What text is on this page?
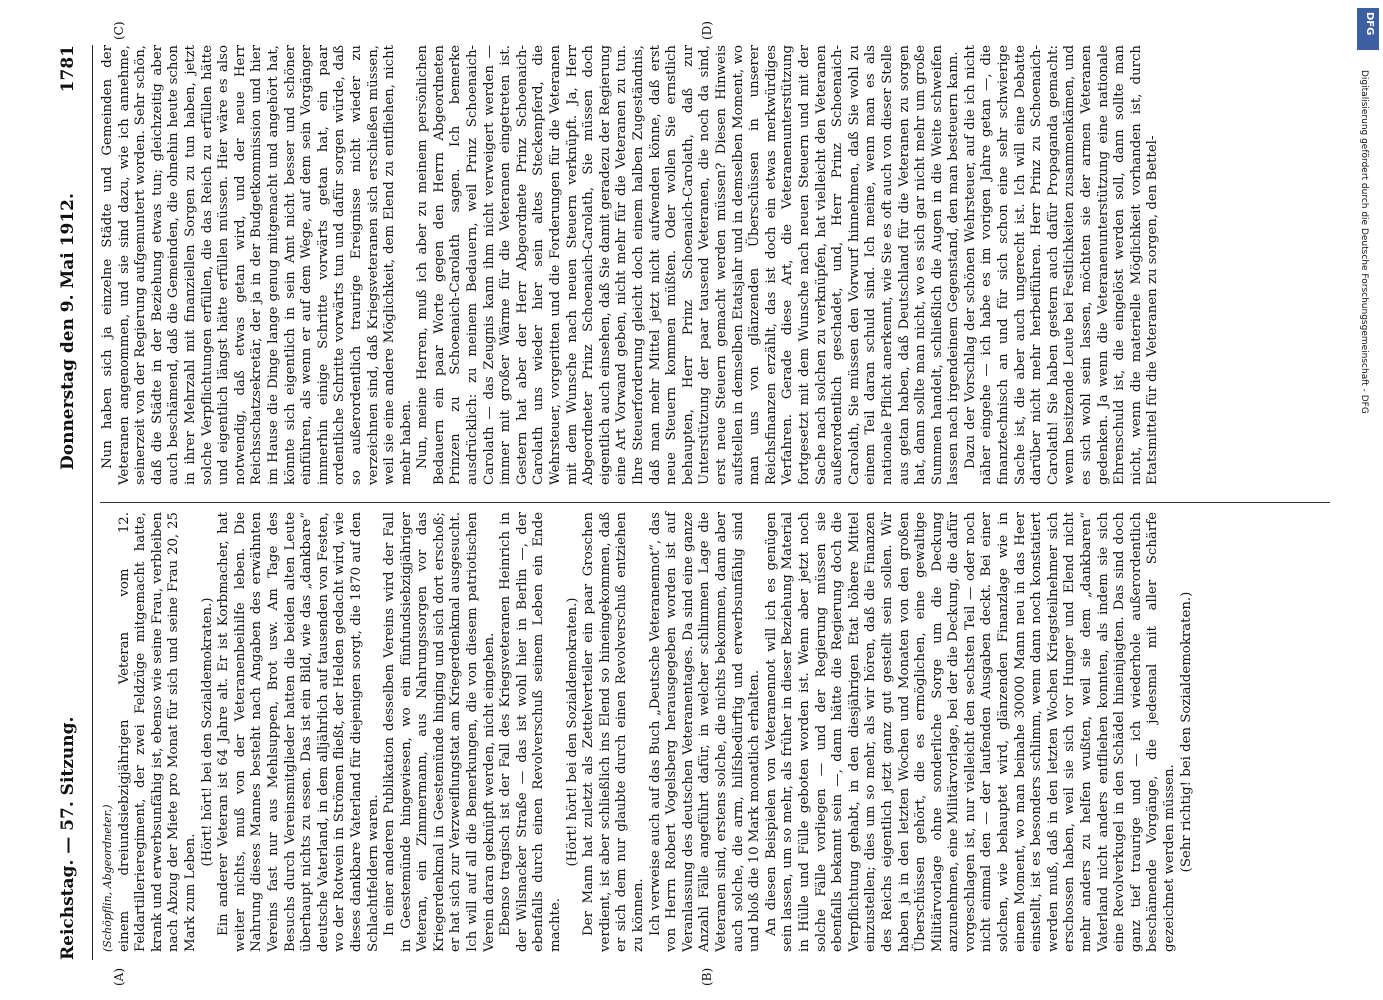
Reichstag. — 57. Sitzung.
Donnerstag den 9. Mai 1912.
1781
(A)	(B)
(C)	(D)

(Schöpflin, Abgeordneter.) einem dreiundsiebzigjährigen Veteran vom 12. Feldartillerieregiment, der zwei Feldzüge mitgemacht hatte, krank und erwerbsunfähig ist, ebenso wie seine Frau, verbleiben nach Abzug der Miete pro Monat für sich und seine Frau 20, 25 Mark zum Leben.

(Hört! hört! bei den Sozialdemokraten.) Ein anderer Veteran ist 64 Jahre alt. Er ist Korbmacher, hat weiter nichts, muß von der Veteranenbeihilfe leben. Die Nahrung dieses Mannes besteht nach Angaben des erwähnten Vereins fast nur aus Mehlsuppen, Brot usw. Am Tage des Besuchs durch Vereinsmitglieder hatten die beiden alten Leute überhaupt nichts zu essen. Das ist ein Bild, wie das „dankbare“ deutsche Vaterland, in dem alljährlich auf tausenden von Festen, wo der Rotwein in Strömen fließt, der Helden gedacht wird, wie dieses dankbare Vaterland für diejenigen sorgt, die 1870 auf den Schlachtfeldern waren. In einer anderen Publikation desselben Vereins wird der Fall in Geestemünde hingewiesen, wo ein fünfundsiebzigjähriger Veteran, ein Zimmermann, aus Nahrungssorgen vor das Kriegerdenkmal in Geestemünde hinging und sich dort erschoß; er hat sich zur Verzweiflungstat am Kriegerdenkmal ausgesucht. Ich will auf all die Bemerkungen, die von diesem patriotischen Verein daran geknüpft werden, nicht eingehen. Ebenso tragisch ist der Fall des Kriegsveteranen Heinrich in der Wilsnacker Straße — das ist wohl hier in Berlin —, der ebenfalls durch einen Revolverschuß seinem Leben ein Ende machte.

(Hört! hört! bei den Sozialdemokraten.) Der Mann hat zuletzt als Zettelverteiler ein paar Groschen verdient, ist aber schließlich ins Elend so hineingekommen, daß er sich dem nur glaubte durch einen Revolverschuß entziehen zu können. Ich verweise auch auf das Buch „Deutsche Veteranennot“, das von Herrn Robert Vogelsberg herausgegeben worden ist auf Veranlassung des deutschen Veteranentages. Da sind eine ganze Anzahl Fälle angeführt dafür, in welcher schlimmen Lage die Veteranen sind, erstens solche, die nichts bekommen, dann aber auch solche, die arm, hilfsbedürftig und erwerbsunfähig sind und bloß die 10 Mark monatlich erhalten. An diesen Beispielen von Veteranennot will ich es genügen sein lassen, um so mehr, als früher in dieser Beziehung Material in Hülle und Fülle geboten worden ist. Wenn aber jetzt noch solche Fälle vorliegen — und der Regierung müssen sie ebenfalls bekannt sein —, dann hätte die Regierung doch die Verpflichtung gehabt, in den diesjährigen Etat höhere Mittel einzustellen; dies um so mehr, als wir hören, daß die Finanzen des Reichs eigentlich jetzt ganz gut gestellt sein sollen. Wir haben ja in den letzten Wochen und Monaten von den großen Überschüssen gehört, die es ermöglichen, eine gewaltige Militärvorlage ohne sonderliche Sorge um die Deckung anzunehmen, eine Militärvorlage, bei der die Deckung, die dafür vorgeschlagen ist, nur vielleicht den sechsten Teil — oder noch nicht einmal den — der laufenden Ausgaben deckt. Bei einer solchen, wie behauptet wird, glänzenden Finanzlage wie in einem Moment, wo man beinahe 30000 Mann neu in das Heer einstellt, ist es besonders schlimm, wenn dann noch konstatiert werden muß, daß in den letzten Wochen Kriegsteilnehmer sich erschossen haben, weil sie sich vor Hunger und Elend nicht mehr anders zu helfen wußten, weil sie dem „dankbaren“ Vaterland nicht anders entfliehen konnten, als indem sie sich eine Revolverkugel in den Schädel hineinjagten. Das sind doch ganz tief traurige und — ich wiederhole außerordentlich beschämende Vorgänge, die jedesmal mit aller Schärfe gezeichnet werden müssen. (Sehr richtig! bei den Sozialdemokraten.)

Nun haben sich ja einzelne Städte und Gemeinden der Veteranen angenommen, und sie sind dazu, wie ich annehme, seinerzeit von der Regierung aufgemuntert worden. Sehr schön, daß die Städte in der Beziehung etwas tun; gleichzeitig aber auch beschämend, daß die Gemeinden, die ohnehin heute schon in ihrer Mehrzahl mit finanziellen Sorgen zu tun haben, jetzt solche Verpflichtungen erfüllen, die das Reich zu erfüllen hätte und eigentlich längst hätte erfüllen müssen. Hier wäre es also notwendig, daß etwas getan wird, und der neue Herr Reichsschatzsekretär, der ja in der Budgetkommission und hier im Hause die Dinge lange genug mitgemacht und angehört hat, könnte sich eigentlich in sein Amt nicht besser und schöner einführen, als wenn er auf dem Wege, auf dem sein Vorgänger immerhin einige Schritte vorwärts getan hat, ein paar ordentliche Schritte vorwärts tun und dafür sorgen würde, daß so außerordentlich traurige Ereignisse nicht wieder zu verzeichnen sind, daß Kriegsveteranen sich erschießen müssen, weil sie eine andere Möglichkeit, dem Elend zu entfliehen, nicht mehr haben. Nun, meine Herren, muß ich aber zu meinem persönlichen Bedauern ein paar Worte gegen den Herrn Abgeordneten Prinzen zu Schoenaich-Carolath sagen. Ich bemerke ausdrücklich: zu meinem Bedauern, weil Prinz Schoenaich-Carolath — das Zeugnis kann ihm nicht verweigert werden — immer mit großer Wärme für die Veteranen eingetreten ist. Gestern hat aber der Herr Abgeordnete Prinz Schoenaich-Carolath uns wieder hier sein altes Steckenpferd, die Wehrsteuer, vorgeritten und die Forderungen für die Veteranen mit dem Wunsche nach neuen Steuern verknüpft. Ja, Herr Abgeordneter Prinz Schoenaich-Carolath, Sie müssen doch eigentlich auch einsehen, daß Sie damit geradezu der Regierung eine Art Vorwand geben, nicht mehr für die Veteranen zu tun. Ihre Steuerforderung gleicht doch einem halben Zugeständnis, daß man mehr Mittel jetzt nicht aufwenden könne, daß erst neue Steuern kommen müßten. Oder wollen Sie ernstlich behaupten, Herr Prinz Schoenaich-Carolath, daß zur Unterstützung der paar tausend Veteranen, die noch da sind, erst neue Steuern gemacht werden müssen? Diesen Hinweis aufstellen in demselben Etatsjahr und in demselben Moment, wo man uns von glänzenden Überschüssen in unserer Reichsfinanzen erzählt, das ist doch ein etwas merkwürdiges Verfahren. Gerade diese Art, die Veteranenunterstützung fortgesetzt mit dem Wunsche nach neuen Steuern und mit der Sache nach solchen zu verknüpfen, hat vielleicht den Veteranen außerordentlich geschadet, und, Herr Prinz Schoenaich-Carolath, Sie müssen den Vorwurf hinnehmen, daß Sie wohl zu einem Teil daran schuld sind. Ich meine, wenn man es als nationale Pflicht anerkennt, wie Sie es oft auch von dieser Stelle aus getan haben, daß Deutschland für die Veteranen zu sorgen hat, dann sollte man nicht, wo es sich gar nicht mehr um große Summen handelt, schließlich die Augen in die Weite schweifen lassen nach irgendeinem Gegenstand, den man besteuern kann. Dazu der Vorschlag der schönen Wehrsteuer, auf die ich nicht näher eingehe — ich habe es im vorigen Jahre getan —, die finanztechnisch an und für sich schon eine sehr schwierige Sache ist, die aber auch ungerecht ist. Ich will eine Debatte darüber nicht mehr herbeiführen. Herr Prinz zu Schoenaich-Carolath! Sie haben gestern auch dafür Propaganda gemacht: wenn besitzende Leute bei Festlichkeiten zusammenkämen, und es sich wohl sein lassen, möchten sie der armen Veteranen gedenken. Ja wenn die Veteranenunterstützung eine nationale Ehrenschuld ist, die eingelöst werden soll, dann sollte man nicht, wenn die materielle Möglichkeit vorhanden ist, durch Etatsmittel für die Veteranen zu sorgen, den Bettel-

DFG
Digitalisierung gefördert durch die Deutsche Forschungsgemeinschaft - DFG
